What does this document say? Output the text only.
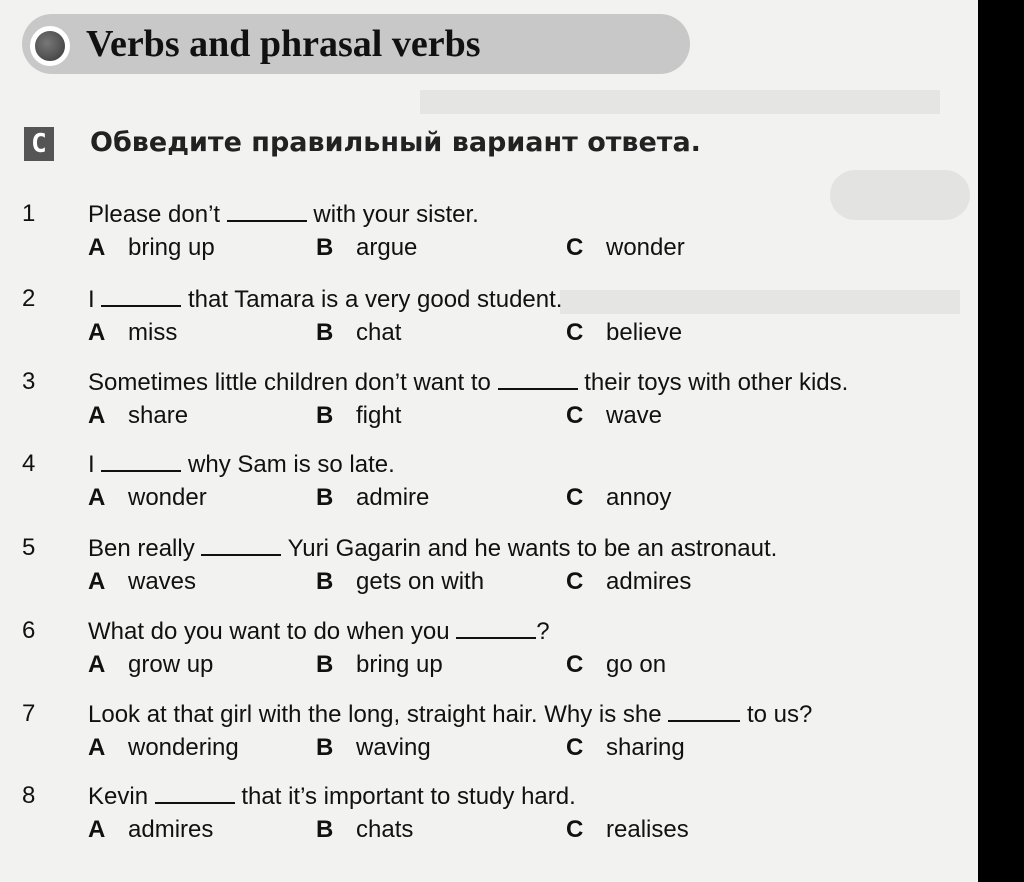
Verbs and phrasal verbs
C Обведите правильный вариант ответа.
1 Please don’t	with your sister.
A bring up	B argue	C wonder
2 I	that Tamara is a very good student.
A miss	B chat	C believe
3 Sometimes little children don’t want to	their toys with other kids.
A share	B fight	C wave
4 I	why Sam is so late.
A wonder	B admire	C annoy
5 Ben really	Yuri Gagarin and he wants to be an astronaut.
A waves	B gets on with	C admires
6 What do you want to do when you	?
A grow up	B bring up	C go on
7 Look at that girl with the long, straight hair. Why is she	to us?
A wondering	B waving	C sharing
8 Kevin	that it’s important to study hard.
A admires	B chats	C realises
